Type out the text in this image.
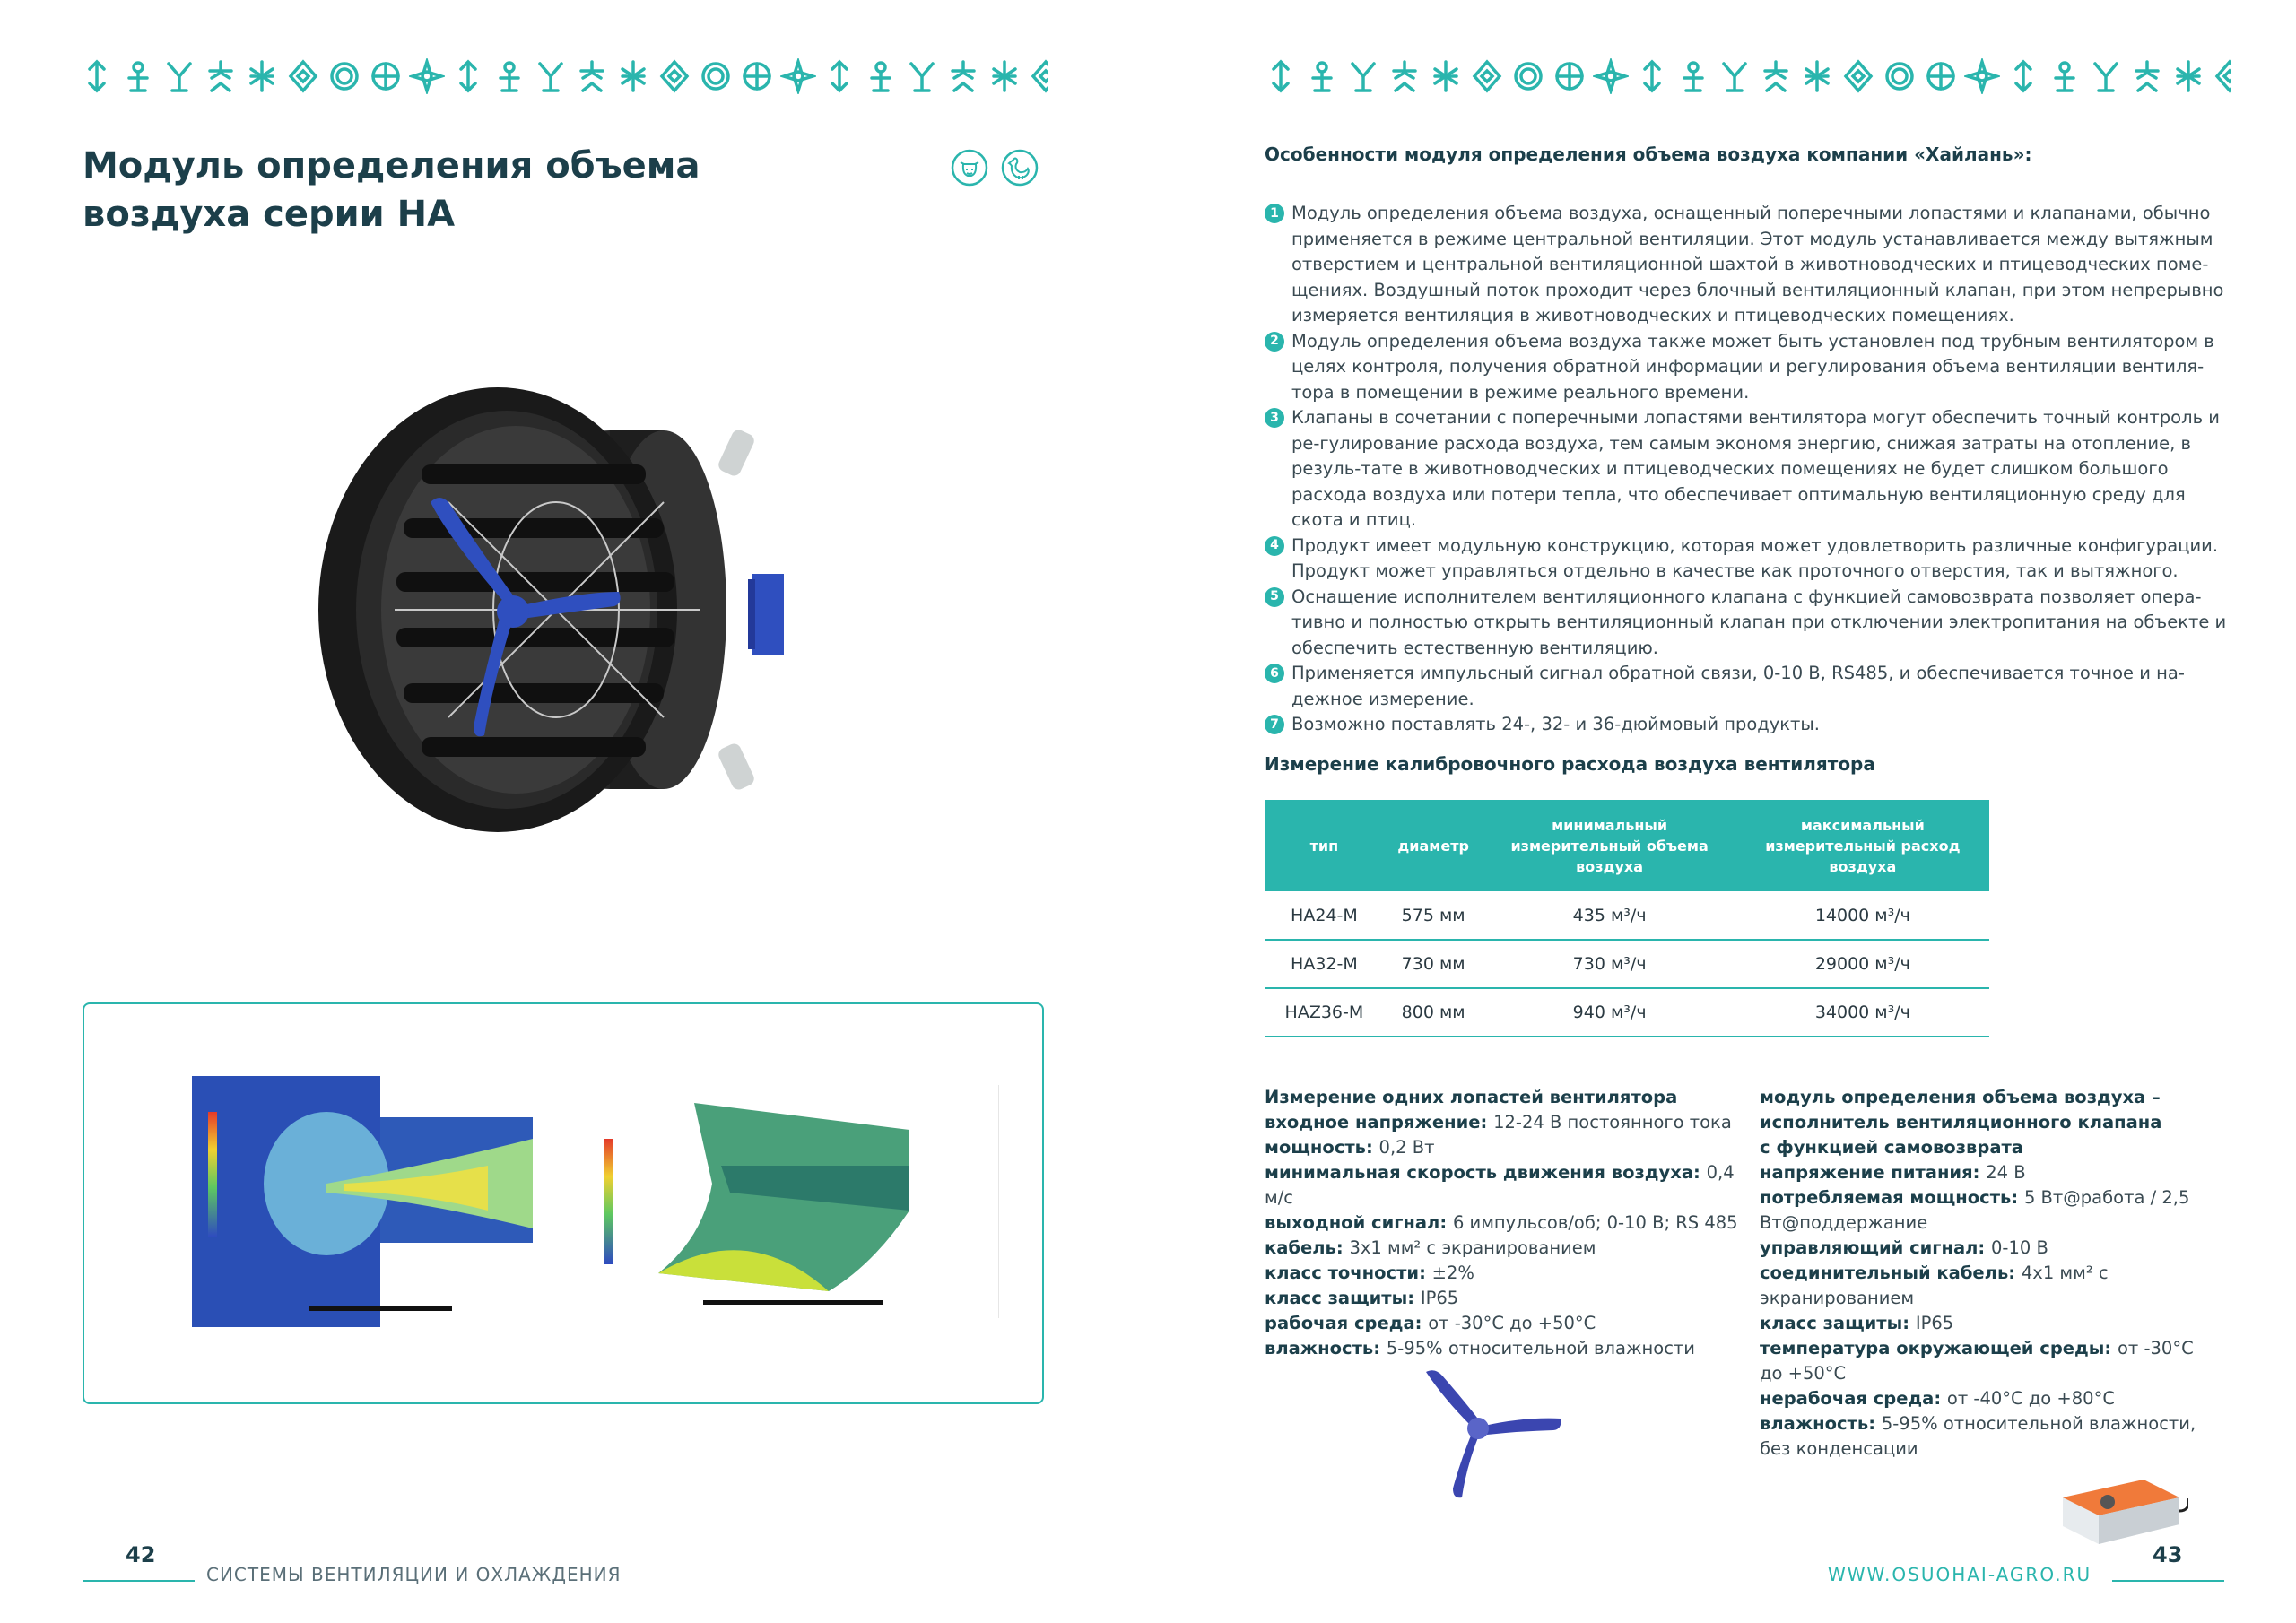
Модуль определения объема воздуха серии НА
42
СИСТЕМЫ ВЕНТИЛЯЦИИ И ОХЛАЖДЕНИЯ
Особенности модуля определения объема воздуха компании «Хайлань»:
1 Модуль определения объема воздуха, оснащенный поперечными лопастями и клапанами, обычно применяется в режиме центральной вентиляции. Этот модуль устанавливается между вытяжным отверстием и центральной вентиляционной шахтой в животноводческих и птицеводческих поме-щениях. Воздушный поток проходит через блочный вентиляционный клапан, при этом непрерывно измеряется вентиляция в животноводческих и птицеводческих помещениях.
2 Модуль определения объема воздуха также может быть установлен под трубным вентилятором в целях контроля, получения обратной информации и регулирования объема вентиляции вентиля-тора в помещении в режиме реального времени.
3 Клапаны в сочетании с поперечными лопастями вентилятора могут обеспечить точный контроль и ре-гулирование расхода воздуха, тем самым экономя энергию, снижая затраты на отопление, в резуль-тате в животноводческих и птицеводческих помещениях не будет слишком большого расхода воздуха или потери тепла, что обеспечивает оптимальную вентиляционную среду для скота и птиц.
4 Продукт имеет модульную конструкцию, которая может удовлетворить различные конфигурации. Продукт может управляться отдельно в качестве как проточного отверстия, так и вытяжного.
5 Оснащение исполнителем вентиляционного клапана с функцией самовозврата позволяет опера-тивно и полностью открыть вентиляционный клапан при отключении электропитания на объекте и обеспечить естественную вентиляцию.
6 Применяется импульсный сигнал обратной связи, 0-10 В, RS485, и обеспечивается точное и на-дежное измерение.
7 Возможно поставлять 24-, 32- и 36-дюймовый продукты.
Измерение калибровочного расхода воздуха вентилятора
тип	диаметр	минимальный измерительный объема воздуха	максимальный измерительный расход воздуха
HA24-M	575 мм	435 м³/ч	14000 м³/ч
HA32-M	730 мм	730 м³/ч	29000 м³/ч
HAZ36-M	800 мм	940 м³/ч	34000 м³/ч
Измерение одних лопастей вентилятора
входное напряжение: 12-24 В постоянного тока
мощность: 0,2 Вт
минимальная скорость движения воздуха: 0,4 м/с
выходной сигнал: 6 импульсов/об; 0-10 В; RS 485
кабель: 3x1 мм² с экранированием
класс точности: ±2%
класс защиты: IP65
рабочая среда: от -30°С до +50°С
влажность: 5-95% относительной влажности
модуль определения объема воздуха –
исполнитель вентиляционного клапана
с функцией самовозврата
напряжение питания: 24 В
потребляемая мощность: 5 Вт@работа / 2,5 Вт@поддержание
управляющий сигнал: 0-10 В
соединительный кабель: 4x1 мм² с экранированием
класс защиты: IP65
температура окружающей среды: от -30°С до +50°С
нерабочая среда: от -40°С до +80°С
влажность: 5-95% относительной влажности, без конденсации
WWW.OSUOHAI-AGRO.RU
43
